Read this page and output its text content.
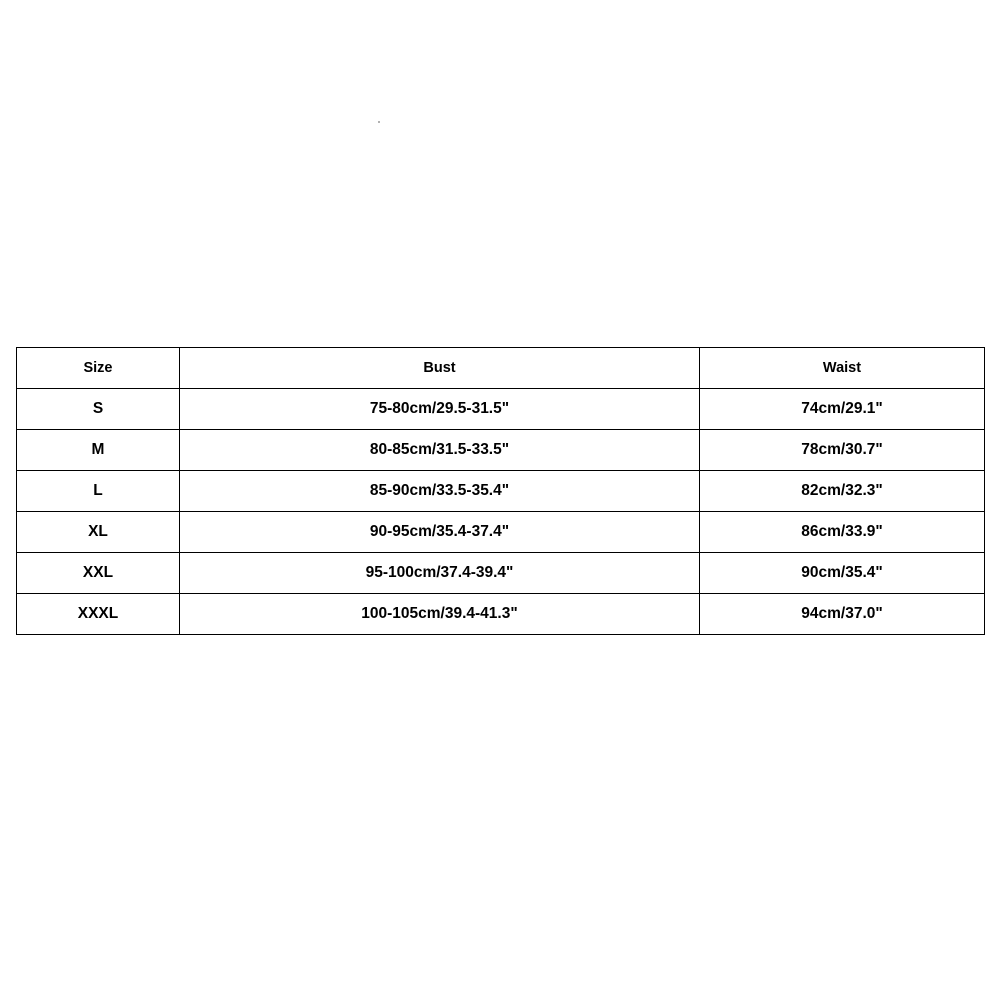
Size	Bust	Waist
S	75-80cm/29.5-31.5"	74cm/29.1"
M	80-85cm/31.5-33.5"	78cm/30.7"
L	85-90cm/33.5-35.4"	82cm/32.3"
XL	90-95cm/35.4-37.4"	86cm/33.9"
XXL	95-100cm/37.4-39.4"	90cm/35.4"
XXXL	100-105cm/39.4-41.3"	94cm/37.0"
